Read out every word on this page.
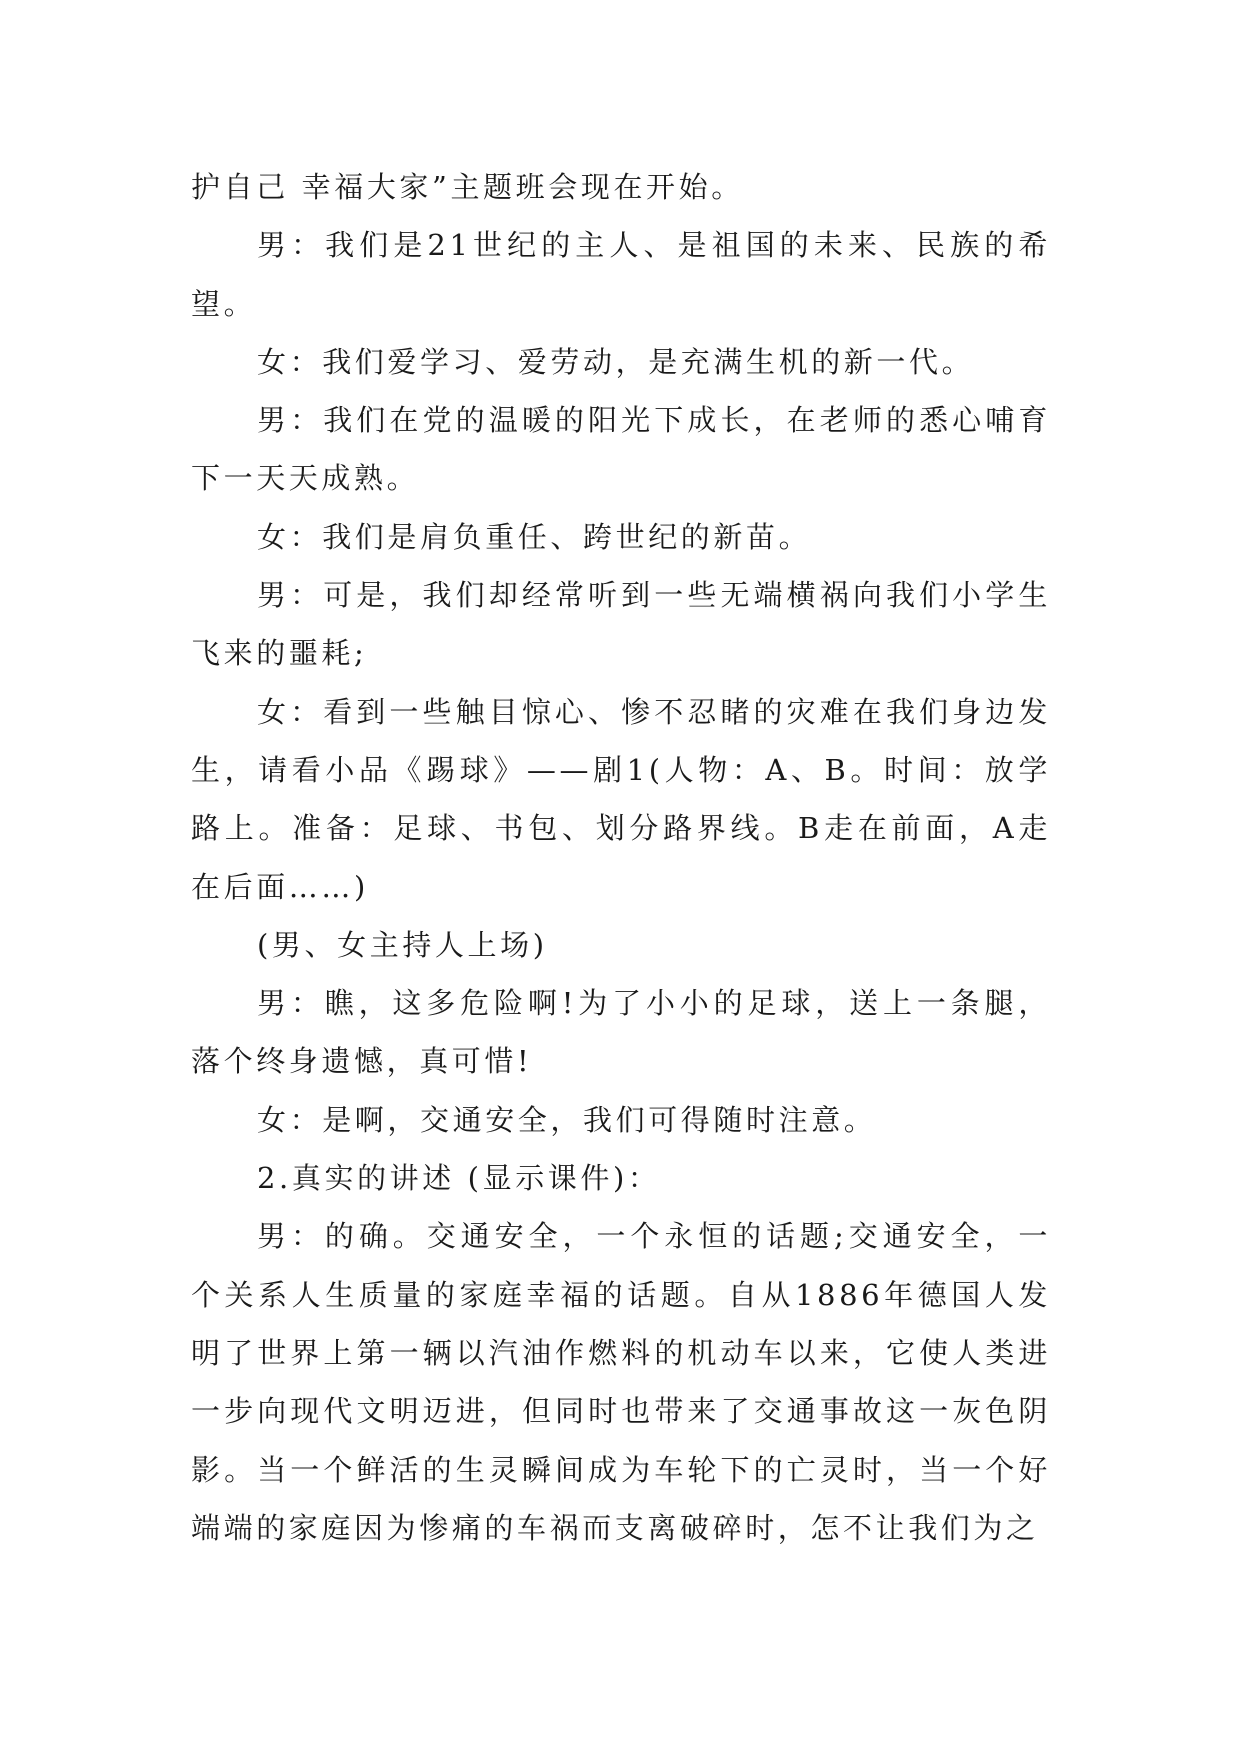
护自己 幸福大家”主题班会现在开始。

男：我们是21世纪的主人、是祖国的未来、民族的希望。

女：我们爱学习、爱劳动，是充满生机的新一代。

男：我们在党的温暖的阳光下成长，在老师的悉心哺育下一天天成熟。

女：我们是肩负重任、跨世纪的新苗。

男：可是，我们却经常听到一些无端横祸向我们小学生飞来的噩耗;

女：看到一些触目惊心、惨不忍睹的灾难在我们身边发生，请看小品《踢球》——剧1(人物：A、B。时间：放学路上。准备：足球、书包、划分路界线。B走在前面，A走在后面……)

(男、女主持人上场)

男：瞧，这多危险啊!为了小小的足球，送上一条腿，落个终身遗憾，真可惜!

女：是啊，交通安全，我们可得随时注意。

2.真实的讲述 (显示课件)：

男：的确。交通安全，一个永恒的话题;交通安全，一个关系人生质量的家庭幸福的话题。自从1886年德国人发明了世界上第一辆以汽油作燃料的机动车以来，它使人类进一步向现代文明迈进，但同时也带来了交通事故这一灰色阴影。当一个鲜活的生灵瞬间成为车轮下的亡灵时，当一个好端端的家庭因为惨痛的车祸而支离破碎时，怎不让我们为之
